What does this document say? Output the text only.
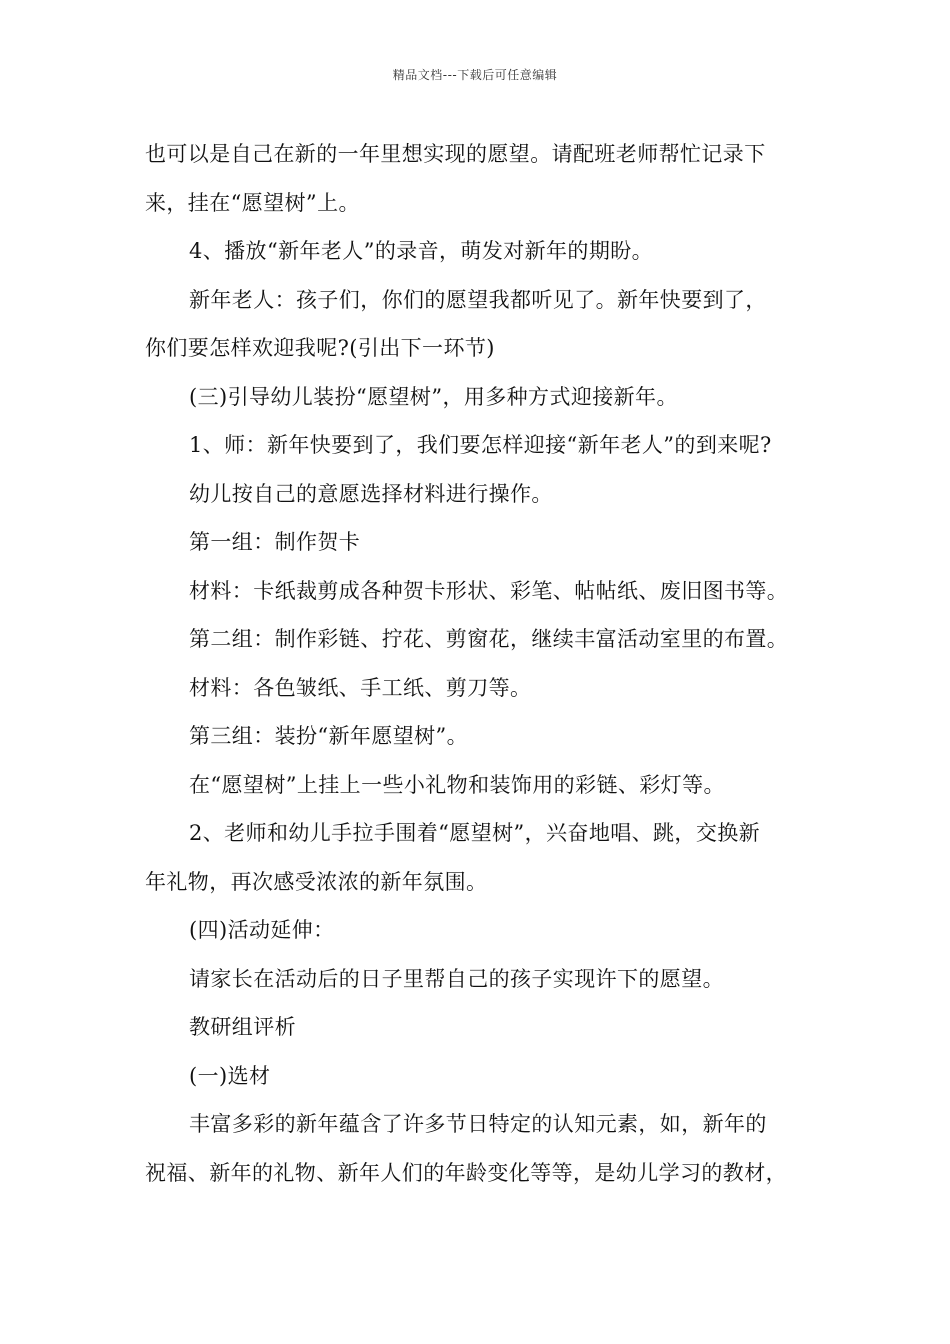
精品文档---下载后可任意编辑
也可以是自己在新的一年里想实现的愿望。请配班老师帮忙记录下
来，挂在“愿望树”上。
4、播放“新年老人”的录音，萌发对新年的期盼。
新年老人：孩子们，你们的愿望我都听见了。新年快要到了，
你们要怎样欢迎我呢?(引出下一环节)
(三)引导幼儿装扮“愿望树”，用多种方式迎接新年。
1、师：新年快要到了，我们要怎样迎接“新年老人”的到来呢?
幼儿按自己的意愿选择材料进行操作。
第一组：制作贺卡
材料：卡纸裁剪成各种贺卡形状、彩笔、帖帖纸、废旧图书等。
第二组：制作彩链、拧花、剪窗花，继续丰富活动室里的布置。
材料：各色皱纸、手工纸、剪刀等。
第三组：装扮“新年愿望树”。
在“愿望树”上挂上一些小礼物和装饰用的彩链、彩灯等。
2、老师和幼儿手拉手围着“愿望树”，兴奋地唱、跳，交换新
年礼物，再次感受浓浓的新年氛围。
(四)活动延伸：
请家长在活动后的日子里帮自己的孩子实现许下的愿望。
教研组评析
(一)选材
丰富多彩的新年蕴含了许多节日特定的认知元素，如，新年的
祝福、新年的礼物、新年人们的年龄变化等等，是幼儿学习的教材，
